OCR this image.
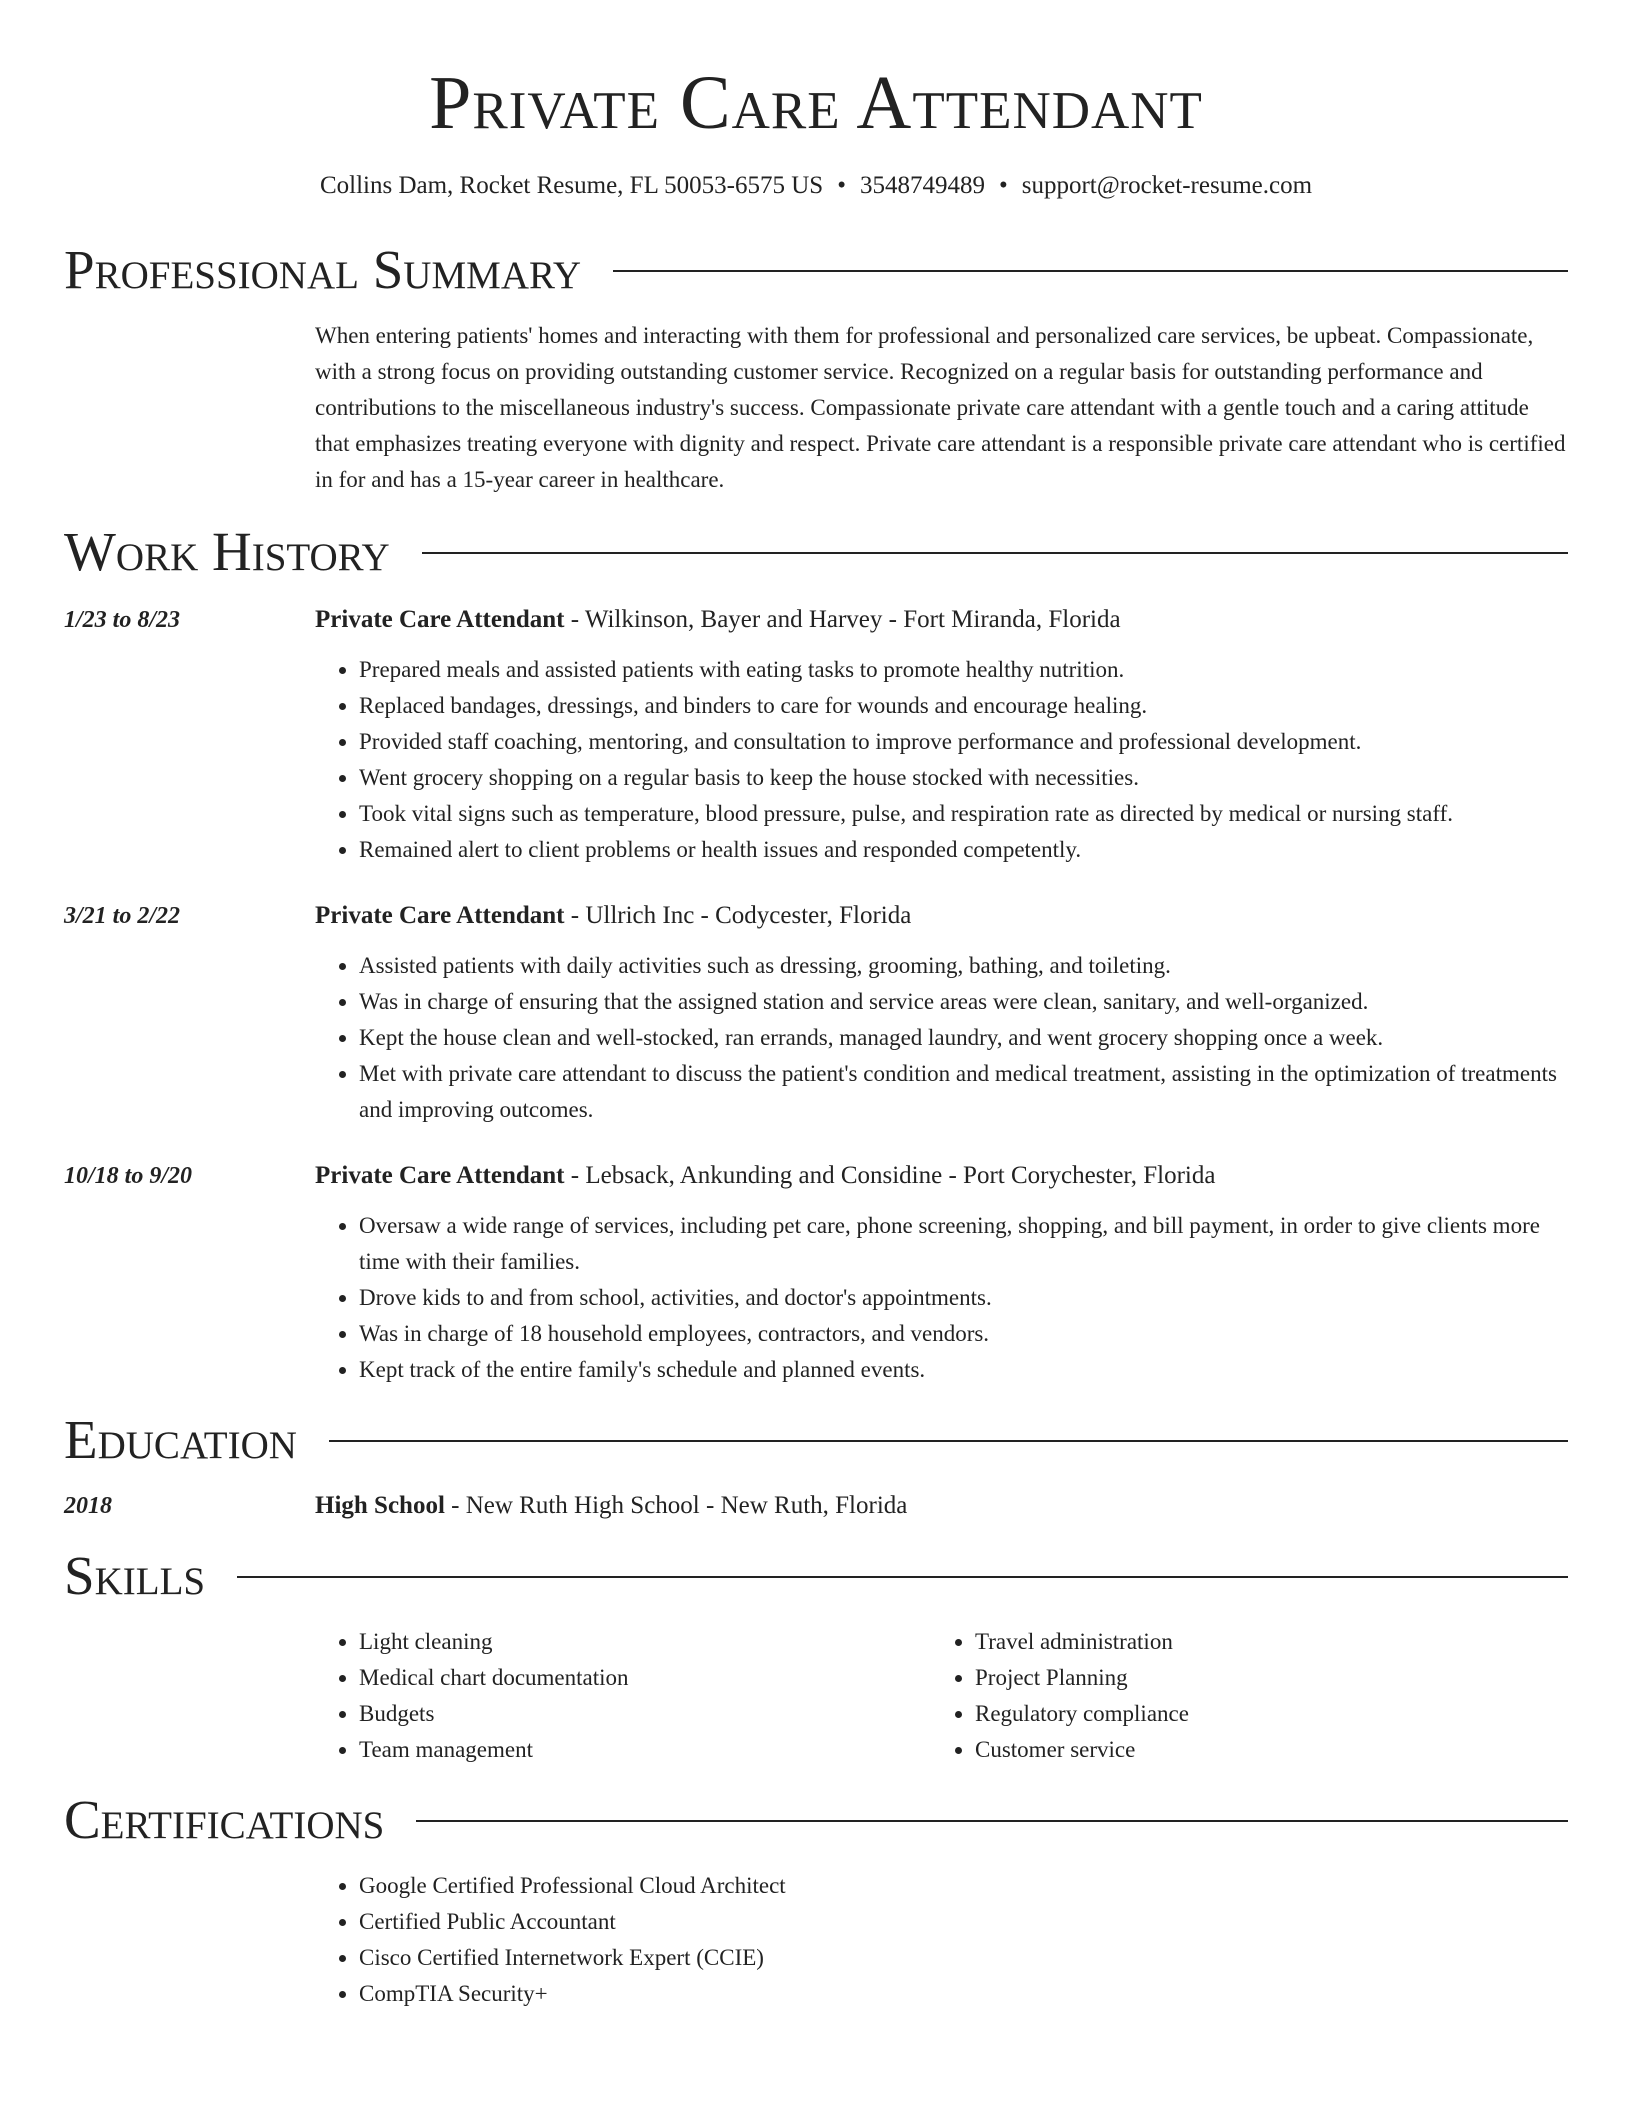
Private Care Attendant
Collins Dam, Rocket Resume, FL 50053-6575 US • 3548749489 • support@rocket-resume.com
Professional Summary
When entering patients' homes and interacting with them for professional and personalized care services, be upbeat. Compassionate, with a strong focus on providing outstanding customer service. Recognized on a regular basis for outstanding performance and contributions to the miscellaneous industry's success. Compassionate private care attendant with a gentle touch and a caring attitude that emphasizes treating everyone with dignity and respect. Private care attendant is a responsible private care attendant who is certified in for and has a 15-year career in healthcare.
Work History
1/23 to 8/23	Private Care Attendant - Wilkinson, Bayer and Harvey - Fort Miranda, Florida
• Prepared meals and assisted patients with eating tasks to promote healthy nutrition.
• Replaced bandages, dressings, and binders to care for wounds and encourage healing.
• Provided staff coaching, mentoring, and consultation to improve performance and professional development.
• Went grocery shopping on a regular basis to keep the house stocked with necessities.
• Took vital signs such as temperature, blood pressure, pulse, and respiration rate as directed by medical or nursing staff.
• Remained alert to client problems or health issues and responded competently.
3/21 to 2/22	Private Care Attendant - Ullrich Inc - Codycester, Florida
• Assisted patients with daily activities such as dressing, grooming, bathing, and toileting.
• Was in charge of ensuring that the assigned station and service areas were clean, sanitary, and well-organized.
• Kept the house clean and well-stocked, ran errands, managed laundry, and went grocery shopping once a week.
• Met with private care attendant to discuss the patient's condition and medical treatment, assisting in the optimization of treatments and improving outcomes.
10/18 to 9/20	Private Care Attendant - Lebsack, Ankunding and Considine - Port Corychester, Florida
• Oversaw a wide range of services, including pet care, phone screening, shopping, and bill payment, in order to give clients more time with their families.
• Drove kids to and from school, activities, and doctor's appointments.
• Was in charge of 18 household employees, contractors, and vendors.
• Kept track of the entire family's schedule and planned events.
Education
2018	High School - New Ruth High School - New Ruth, Florida
Skills
• Light cleaning
• Medical chart documentation
• Budgets
• Team management
• Travel administration
• Project Planning
• Regulatory compliance
• Customer service
Certifications
• Google Certified Professional Cloud Architect
• Certified Public Accountant
• Cisco Certified Internetwork Expert (CCIE)
• CompTIA Security+
